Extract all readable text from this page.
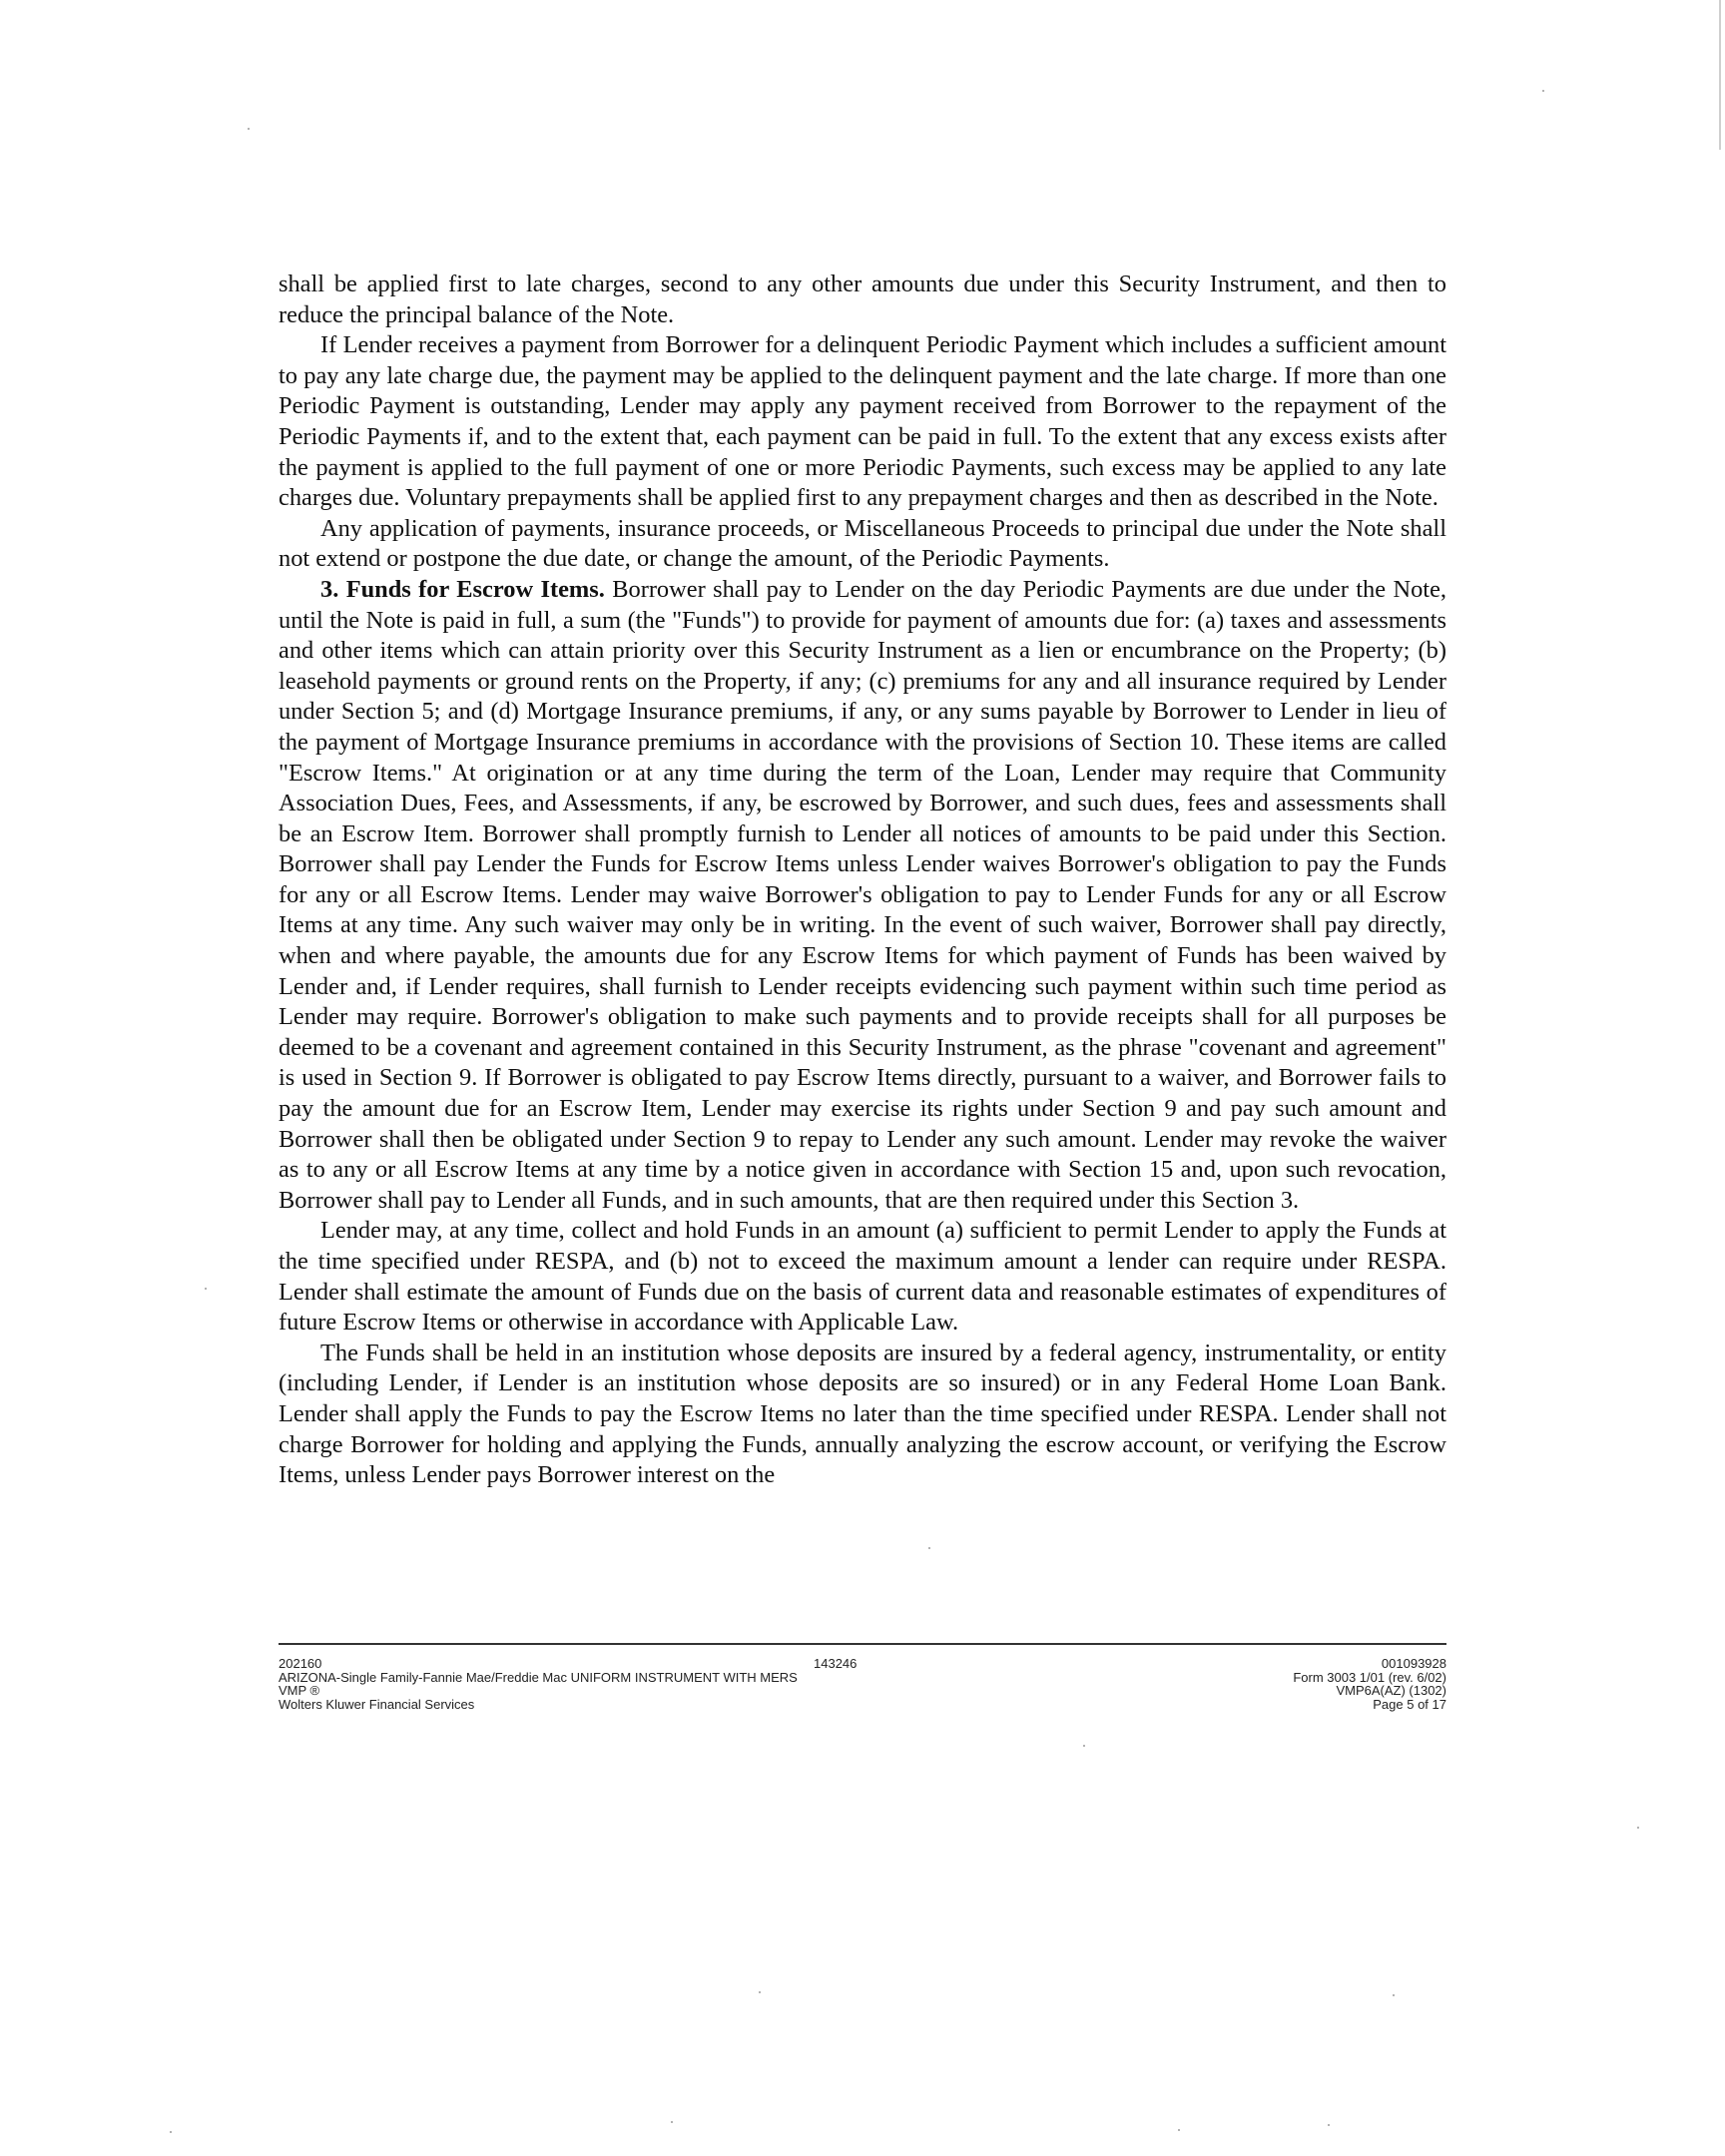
shall be applied first to late charges, second to any other amounts due under this Security Instrument, and then to reduce the principal balance of the Note.

If Lender receives a payment from Borrower for a delinquent Periodic Payment which includes a sufficient amount to pay any late charge due, the payment may be applied to the delinquent payment and the late charge. If more than one Periodic Payment is outstanding, Lender may apply any payment received from Borrower to the repayment of the Periodic Payments if, and to the extent that, each payment can be paid in full. To the extent that any excess exists after the payment is applied to the full payment of one or more Periodic Payments, such excess may be applied to any late charges due. Voluntary prepayments shall be applied first to any prepayment charges and then as described in the Note.

Any application of payments, insurance proceeds, or Miscellaneous Proceeds to principal due under the Note shall not extend or postpone the due date, or change the amount, of the Periodic Payments.

3. Funds for Escrow Items. Borrower shall pay to Lender on the day Periodic Payments are due under the Note, until the Note is paid in full, a sum (the "Funds") to provide for payment of amounts due for: (a) taxes and assessments and other items which can attain priority over this Security Instrument as a lien or encumbrance on the Property; (b) leasehold payments or ground rents on the Property, if any; (c) premiums for any and all insurance required by Lender under Section 5; and (d) Mortgage Insurance premiums, if any, or any sums payable by Borrower to Lender in lieu of the payment of Mortgage Insurance premiums in accordance with the provisions of Section 10. These items are called "Escrow Items." At origination or at any time during the term of the Loan, Lender may require that Community Association Dues, Fees, and Assessments, if any, be escrowed by Borrower, and such dues, fees and assessments shall be an Escrow Item. Borrower shall promptly furnish to Lender all notices of amounts to be paid under this Section. Borrower shall pay Lender the Funds for Escrow Items unless Lender waives Borrower's obligation to pay the Funds for any or all Escrow Items. Lender may waive Borrower's obligation to pay to Lender Funds for any or all Escrow Items at any time. Any such waiver may only be in writing. In the event of such waiver, Borrower shall pay directly, when and where payable, the amounts due for any Escrow Items for which payment of Funds has been waived by Lender and, if Lender requires, shall furnish to Lender receipts evidencing such payment within such time period as Lender may require. Borrower's obligation to make such payments and to provide receipts shall for all purposes be deemed to be a covenant and agreement contained in this Security Instrument, as the phrase "covenant and agreement" is used in Section 9. If Borrower is obligated to pay Escrow Items directly, pursuant to a waiver, and Borrower fails to pay the amount due for an Escrow Item, Lender may exercise its rights under Section 9 and pay such amount and Borrower shall then be obligated under Section 9 to repay to Lender any such amount. Lender may revoke the waiver as to any or all Escrow Items at any time by a notice given in accordance with Section 15 and, upon such revocation, Borrower shall pay to Lender all Funds, and in such amounts, that are then required under this Section 3.

Lender may, at any time, collect and hold Funds in an amount (a) sufficient to permit Lender to apply the Funds at the time specified under RESPA, and (b) not to exceed the maximum amount a lender can require under RESPA. Lender shall estimate the amount of Funds due on the basis of current data and reasonable estimates of expenditures of future Escrow Items or otherwise in accordance with Applicable Law.

The Funds shall be held in an institution whose deposits are insured by a federal agency, instrumentality, or entity (including Lender, if Lender is an institution whose deposits are so insured) or in any Federal Home Loan Bank. Lender shall apply the Funds to pay the Escrow Items no later than the time specified under RESPA. Lender shall not charge Borrower for holding and applying the Funds, annually analyzing the escrow account, or verifying the Escrow Items, unless Lender pays Borrower interest on the

202160
ARIZONA-Single Family-Fannie Mae/Freddie Mac UNIFORM INSTRUMENT WITH MERS
VMP ®
Wolters Kluwer Financial Services
143246	001093928
Form 3003 1/01 (rev. 6/02)
VMP6A(AZ) (1302)
Page 5 of 17
